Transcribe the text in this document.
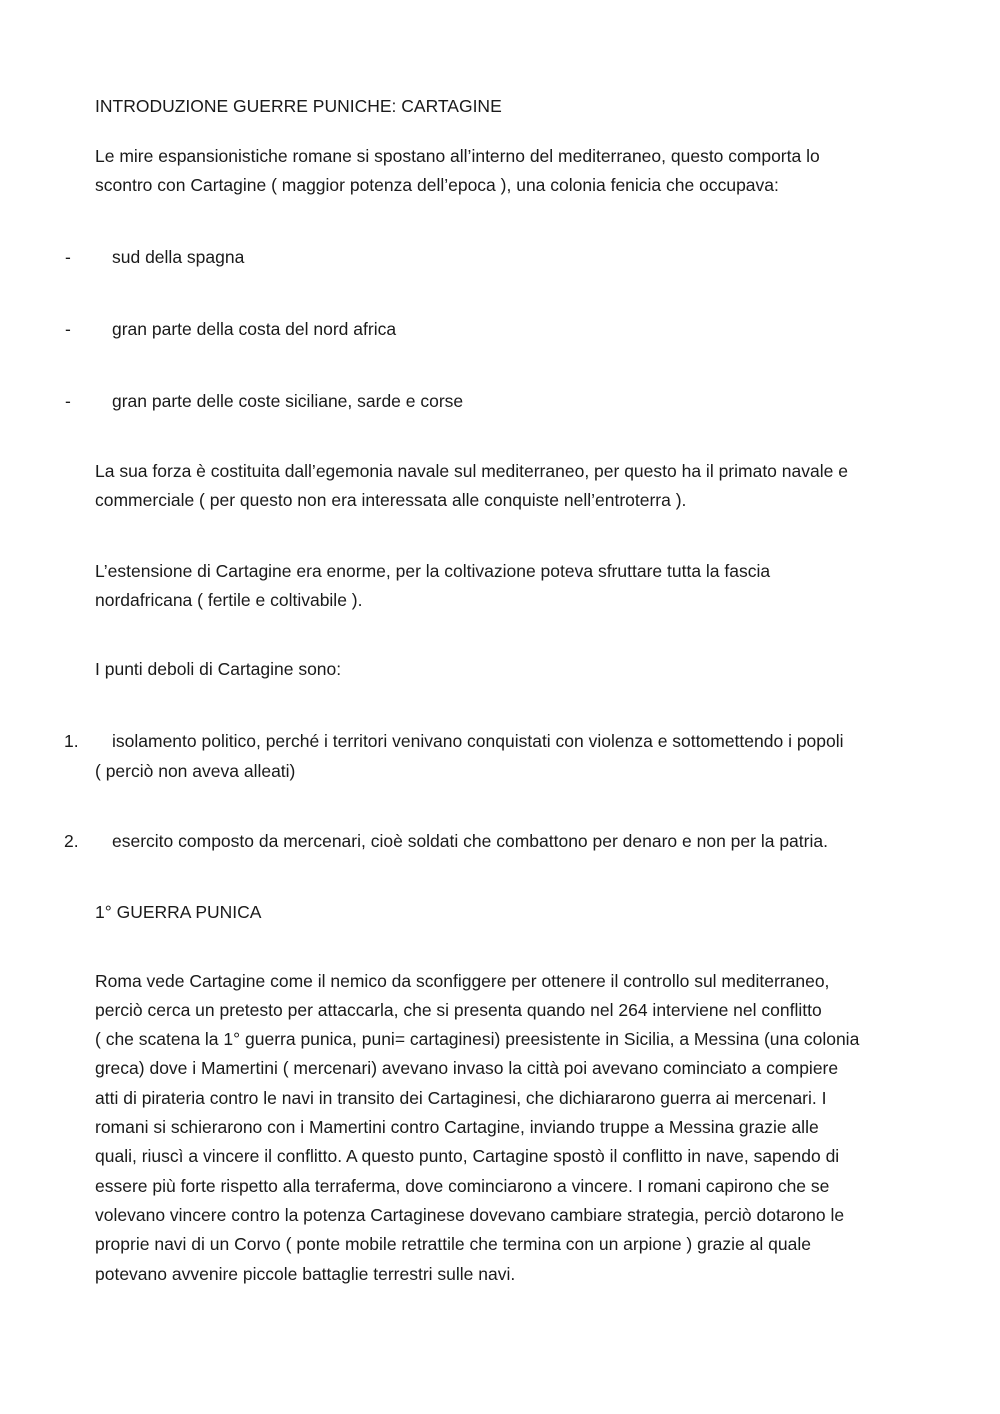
INTRODUZIONE GUERRE PUNICHE: CARTAGINE
Le mire espansionistiche romane si spostano all’interno del mediterraneo, questo comporta lo
scontro con Cartagine ( maggior potenza dell’epoca ), una colonia fenicia che occupava:
- sud della spagna
- gran parte della costa del nord africa
- gran parte delle coste siciliane, sarde e corse
La sua forza è costituita dall’egemonia navale sul mediterraneo, per questo ha il primato navale e
commerciale ( per questo non era interessata alle conquiste nell’entroterra ).
L’estensione di Cartagine era enorme, per la coltivazione poteva sfruttare tutta la fascia
nordafricana ( fertile e coltivabile ).
I punti deboli di Cartagine sono:
1. isolamento politico, perché i territori venivano conquistati con violenza e sottomettendo i popoli
( perciò non aveva alleati)
2. esercito composto da mercenari, cioè soldati che combattono per denaro e non per la patria.
1° GUERRA PUNICA
Roma vede Cartagine come il nemico da sconfiggere per ottenere il controllo sul mediterraneo,
perciò cerca un pretesto per attaccarla, che si presenta quando nel 264 interviene nel conflitto
( che scatena la 1° guerra punica, puni= cartaginesi) preesistente in Sicilia, a Messina (una colonia
greca) dove i Mamertini ( mercenari) avevano invaso la città poi avevano cominciato a compiere
atti di pirateria contro le navi in transito dei Cartaginesi, che dichiararono guerra ai mercenari. I
romani si schierarono con i Mamertini contro Cartagine, inviando truppe a Messina grazie alle
quali, riuscì a vincere il conflitto. A questo punto, Cartagine spostò il conflitto in nave, sapendo di
essere più forte rispetto alla terraferma, dove cominciarono a vincere. I romani capirono che se
volevano vincere contro la potenza Cartaginese dovevano cambiare strategia, perciò dotarono le
proprie navi di un Corvo ( ponte mobile retrattile che termina con un arpione ) grazie al quale
potevano avvenire piccole battaglie terrestri sulle navi.
